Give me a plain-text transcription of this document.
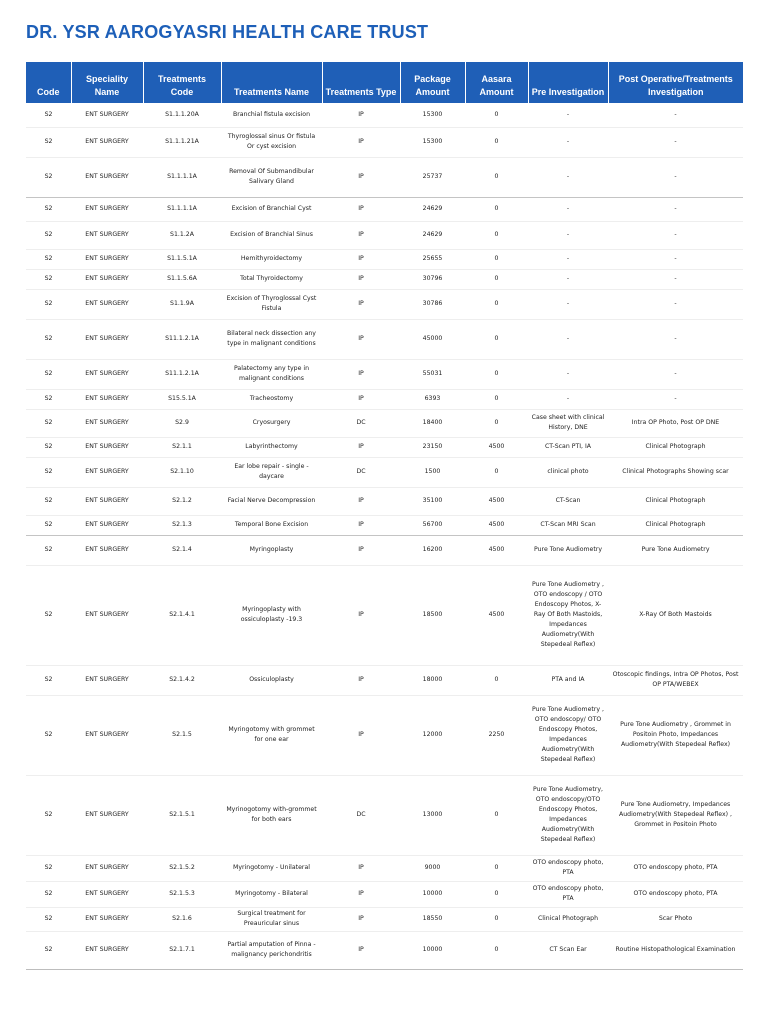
DR. YSR AAROGYASRI HEALTH CARE TRUST
Code	Speciality Name	Treatments Code	Treatments Name	Treatments Type	Package Amount	Aasara Amount	Pre Investigation	Post Operative/Treatments Investigation
S2	ENT SURGERY	S1.1.1.20A	Branchial fistula excision	IP	15300	0	-	-
S2	ENT SURGERY	S1.1.1.21A	Thyroglossal sinus Or fistula Or cyst excision	IP	15300	0	-	-
S2	ENT SURGERY	S1.1.1.1A	Removal Of Submandibular Salivary Gland	IP	25737	0	-	-
S2	ENT SURGERY	S1.1.1.1A	Excision of Branchial Cyst	IP	24629	0	-	-
S2	ENT SURGERY	S1.1.2A	Excision of Branchial Sinus	IP	24629	0	-	-
S2	ENT SURGERY	S1.1.5.1A	Hemithyroidectomy	IP	25655	0	-	-
S2	ENT SURGERY	S1.1.5.6A	Total Thyroidectomy	IP	30796	0	-	-
S2	ENT SURGERY	S1.1.9A	Excision of Thyroglossal Cyst Fistula	IP	30786	0	-	-
S2	ENT SURGERY	S11.1.2.1A	Bilateral neck dissection any type in malignant conditions	IP	45000	0	-	-
S2	ENT SURGERY	S11.1.2.1A	Palatectomy any type in malignant conditions	IP	55031	0	-	-
S2	ENT SURGERY	S15.5.1A	Tracheostomy	IP	6393	0	-	-
S2	ENT SURGERY	S2.9	Cryosurgery	DC	18400	0	Case sheet with clinical History, DNE	Intra OP Photo, Post OP DNE
S2	ENT SURGERY	S2.1.1	Labyrinthectomy	IP	23150	4500	CT-Scan PTI, IA	Clinical Photograph
S2	ENT SURGERY	S2.1.10	Ear lobe repair - single - daycare	DC	1500	0	clinical photo	Clinical Photographs Showing scar
S2	ENT SURGERY	S2.1.2	Facial Nerve Decompression	IP	35100	4500	CT-Scan	Clinical Photograph
S2	ENT SURGERY	S2.1.3	Temporal Bone Excision	IP	56700	4500	CT-Scan MRI Scan	Clinical Photograph
S2	ENT SURGERY	S2.1.4	Myringoplasty	IP	16200	4500	Pure Tone Audiometry	Pure Tone Audiometry
S2	ENT SURGERY	S2.1.4.1	Myringoplasty with ossiculoplasty -19.3	IP	18500	4500	Pure Tone Audiometry , OTO endoscopy / OTO Endoscopy Photos, X-Ray Of Both Mastoids, Impedances Audiometry(With Stepedeal Reflex)	X-Ray Of Both Mastoids
S2	ENT SURGERY	S2.1.4.2	Ossiculoplasty	IP	18000	0	PTA and IA	Otoscopic findings, Intra OP Photos, Post OP PTA/WEBEX
S2	ENT SURGERY	S2.1.5	Myringotomy with grommet for one ear	IP	12000	2250	Pure Tone Audiometry , OTO endoscopy/ OTO Endoscopy Photos, Impedances Audiometry(With Stepedeal Reflex)	Pure Tone Audiometry , Grommet in Positoin Photo, Impedances Audiometry(With Stepedeal Reflex)
S2	ENT SURGERY	S2.1.5.1	Myrinogotomy with-grommet for both ears	DC	13000	0	Pure Tone Audiometry, OTO endoscopy/OTO Endoscopy Photos, Impedances Audiometry(With Stepedeal Reflex)	Pure Tone Audiometry, Impedances Audiometry(With Stepedeal Reflex) , Grommet in Positoin Photo
S2	ENT SURGERY	S2.1.5.2	Myringotomy - Unilateral	IP	9000	0	OTO endoscopy photo, PTA	OTO endoscopy photo, PTA
S2	ENT SURGERY	S2.1.5.3	Myringotomy - Bilateral	IP	10000	0	OTO endoscopy photo, PTA	OTO endoscopy photo, PTA
S2	ENT SURGERY	S2.1.6	Surgical treatment for Preauricular sinus	IP	18550	0	Clinical Photograph	Scar Photo
S2	ENT SURGERY	S2.1.7.1	Partial amputation of Pinna -malignancy perichondritis	IP	10000	0	CT Scan Ear	Routine Histopathological Examination
